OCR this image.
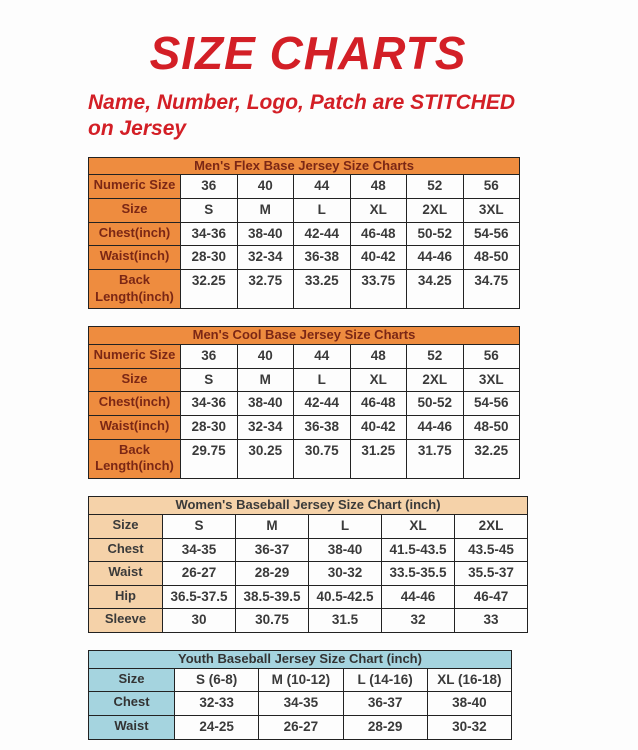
SIZE CHARTS

Name, Number, Logo, Patch are STITCHED
on Jersey

Men's Flex Base Jersey Size Charts						
Numeric Size	36	40	44	48	52	56
Size	S	M	L	XL	2XL	3XL
Chest(inch)	34-36	38-40	42-44	46-48	50-52	54-56
Waist(inch)	28-30	32-34	36-38	40-42	44-46	48-50
Back Length(inch)	32.25	32.75	33.25	33.75	34.25	34.75
Men's Cool Base Jersey Size Charts						
Numeric Size	36	40	44	48	52	56
Size	S	M	L	XL	2XL	3XL
Chest(inch)	34-36	38-40	42-44	46-48	50-52	54-56
Waist(inch)	28-30	32-34	36-38	40-42	44-46	48-50
Back Length(inch)	29.75	30.25	30.75	31.25	31.75	32.25
Women's Baseball Jersey Size Chart (inch)					
Size	S	M	L	XL	2XL
Chest	34-35	36-37	38-40	41.5-43.5	43.5-45
Waist	26-27	28-29	30-32	33.5-35.5	35.5-37
Hip	36.5-37.5	38.5-39.5	40.5-42.5	44-46	46-47
Sleeve	30	30.75	31.5	32	33
Youth Baseball Jersey Size Chart (inch)				
Size	S (6-8)	M (10-12)	L (14-16)	XL (16-18)
Chest	32-33	34-35	36-37	38-40
Waist	24-25	26-27	28-29	30-32
